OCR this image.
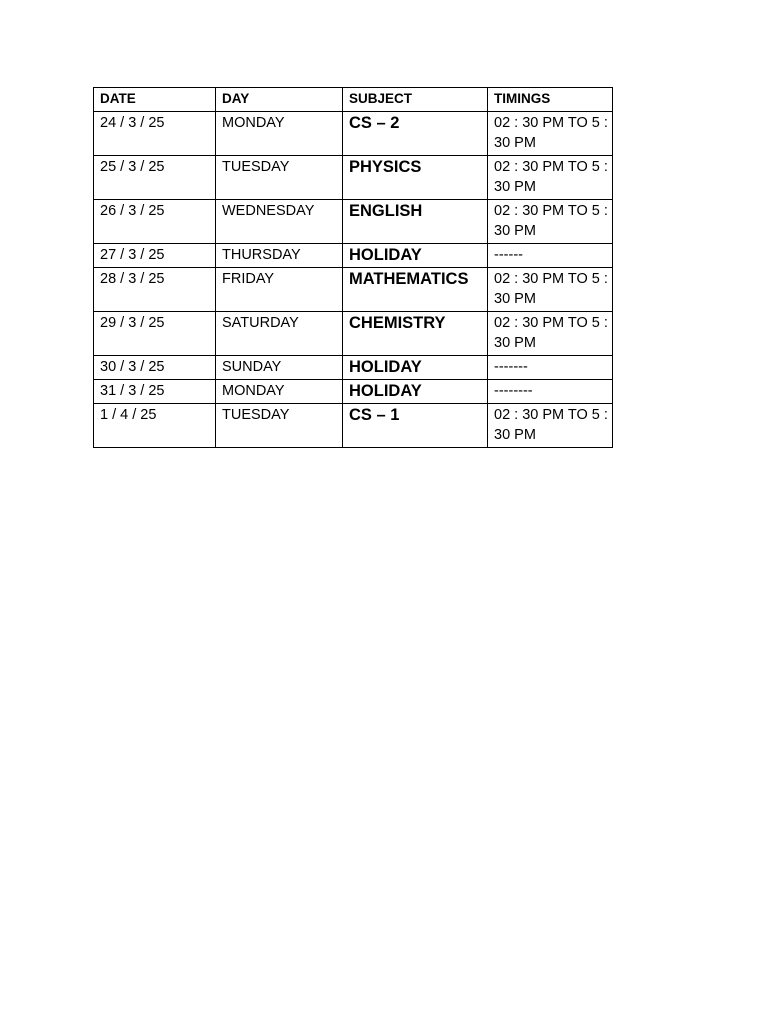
DATE	DAY	SUBJECT	TIMINGS
24 / 3 / 25	MONDAY	CS – 2	02 : 30 PM TO 5 : 30 PM
25 / 3 / 25	TUESDAY	PHYSICS	02 : 30 PM TO 5 : 30 PM
26 / 3 / 25	WEDNESDAY	ENGLISH	02 : 30 PM TO 5 : 30 PM
27 / 3 / 25	THURSDAY	HOLIDAY	------
28 / 3 / 25	FRIDAY	MATHEMATICS	02 : 30 PM TO 5 : 30 PM
29 / 3 / 25	SATURDAY	CHEMISTRY	02 : 30 PM TO 5 : 30 PM
30 / 3 / 25	SUNDAY	HOLIDAY	-------
31 / 3 / 25	MONDAY	HOLIDAY	--------
1 / 4 / 25	TUESDAY	CS – 1	02 : 30 PM TO 5 : 30 PM
